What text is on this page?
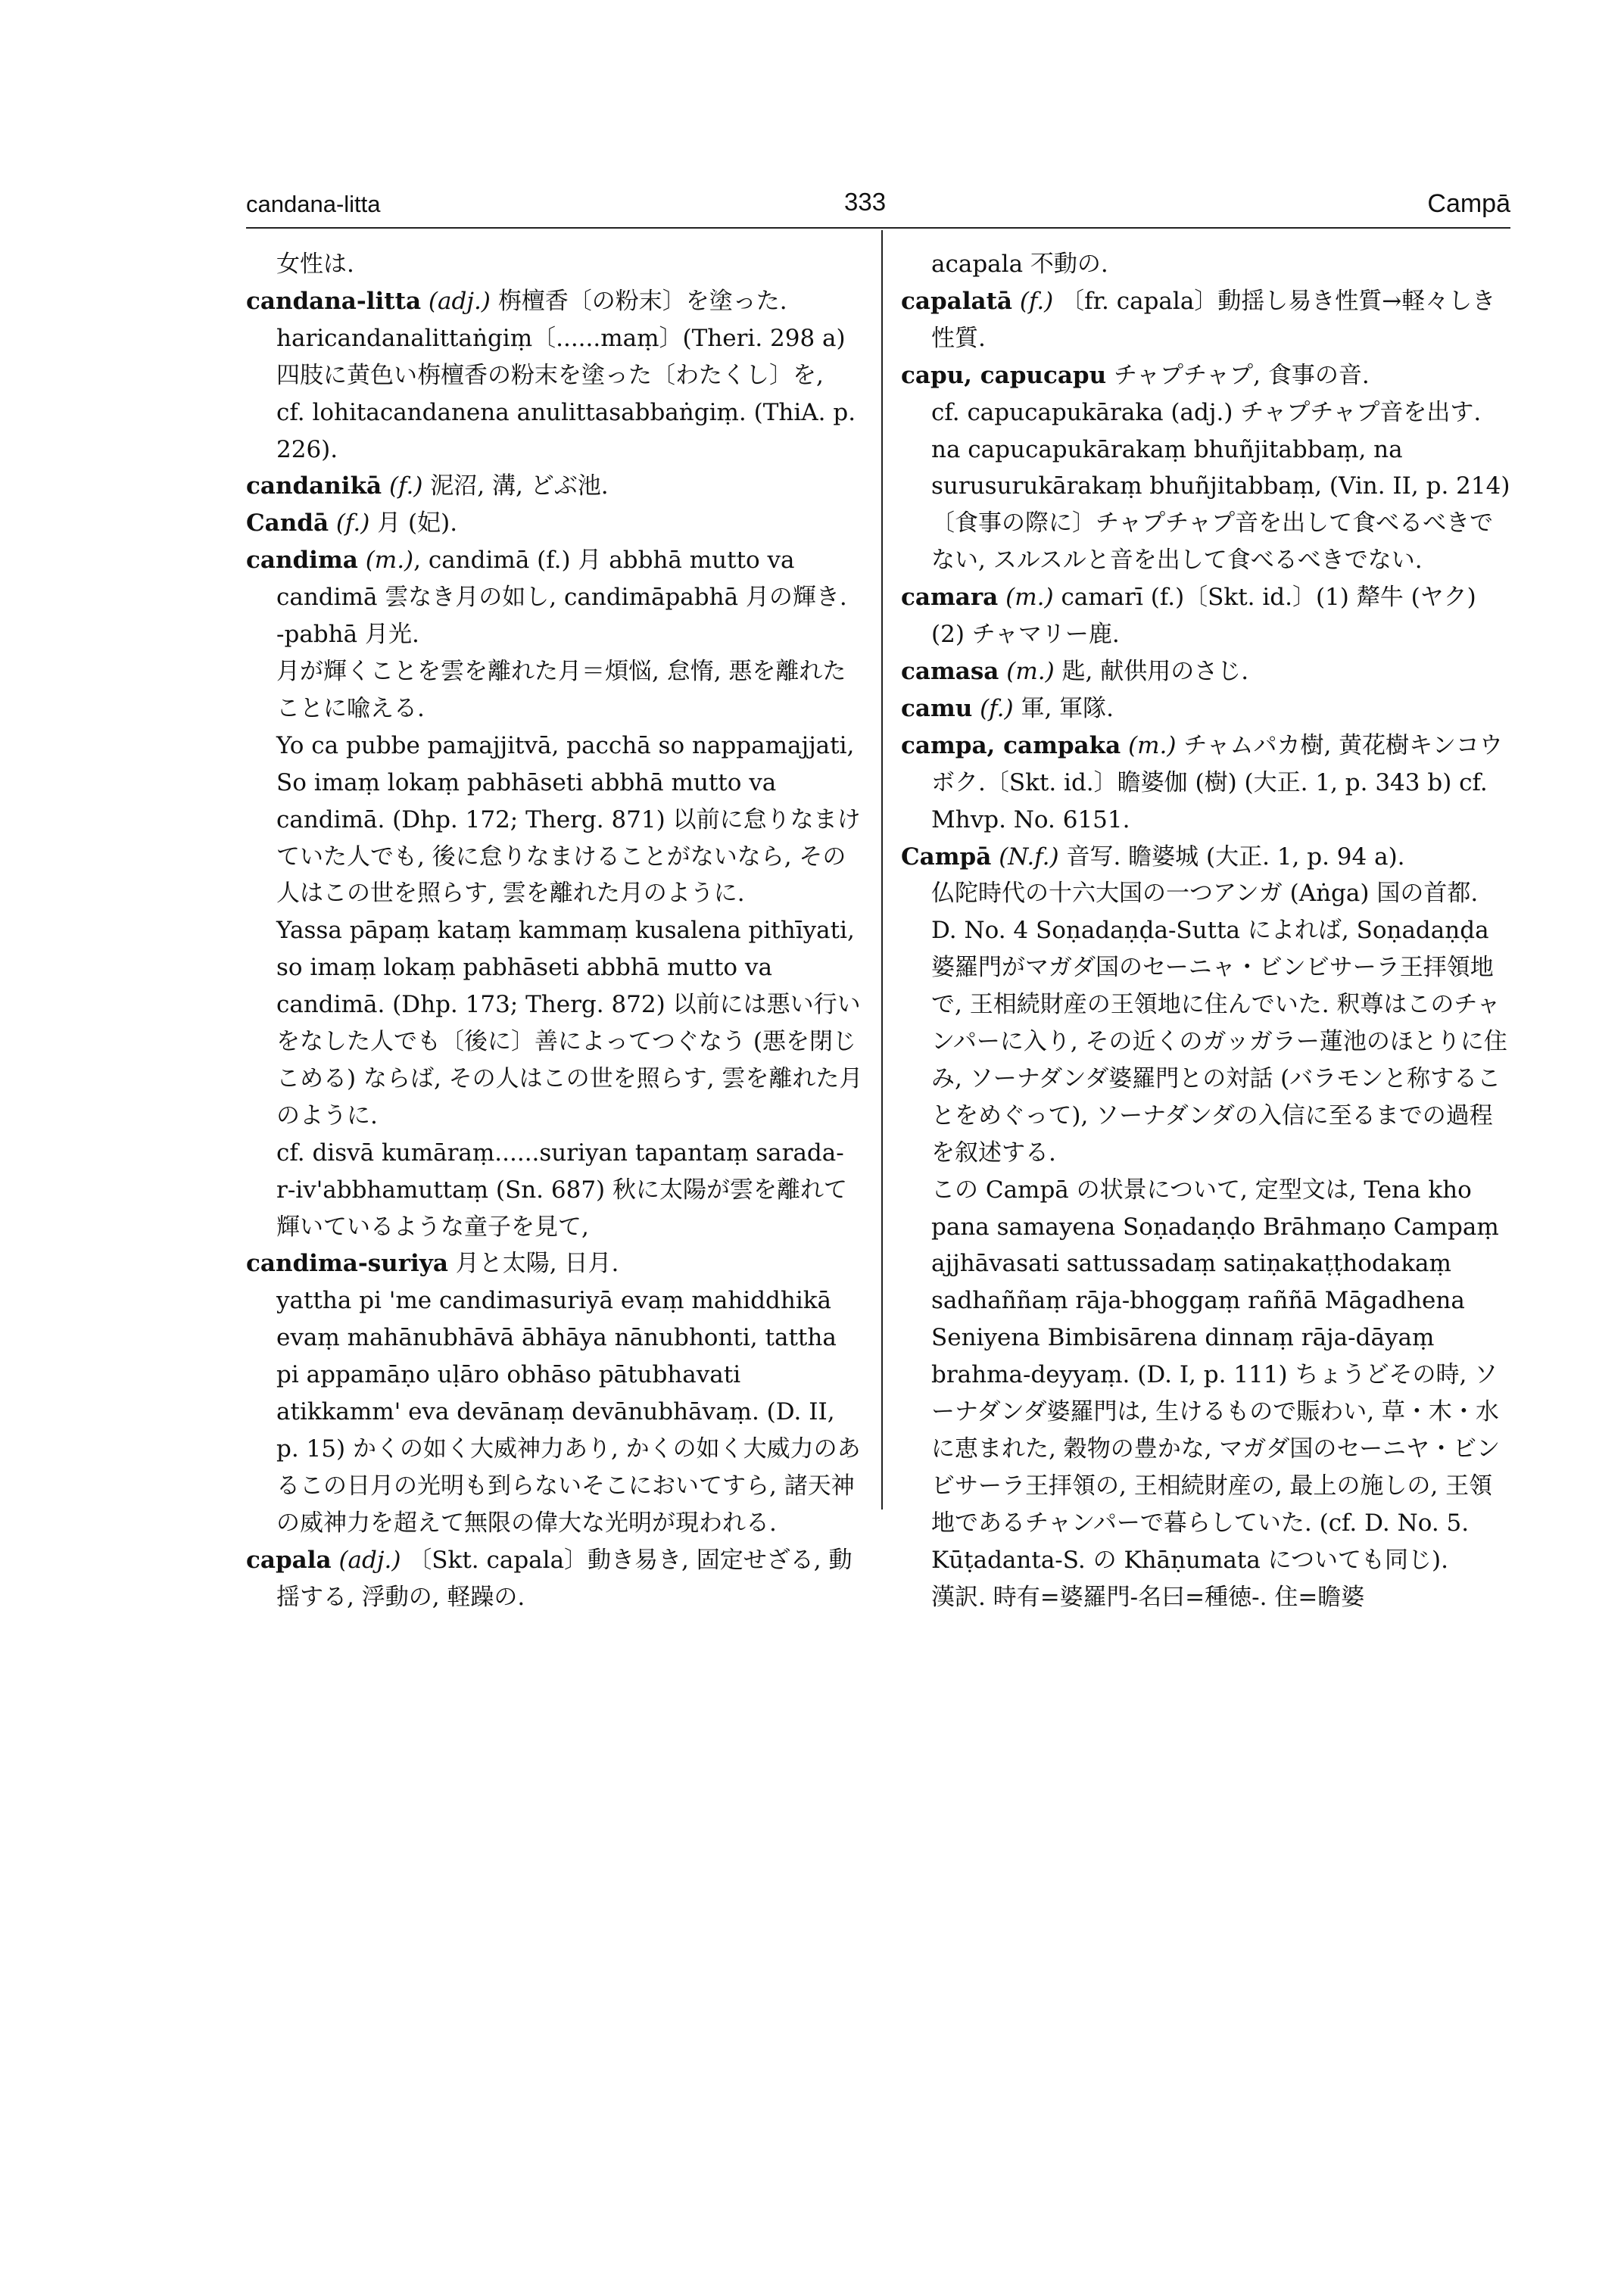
candana-litta	333	Campā
女性は.
candana-litta (adj.) 栴檀香〔の粉末〕を塗った.
haricandanalittaṅgiṃ〔......maṃ〕(Theri. 298 a) 四肢に黄色い栴檀香の粉末を塗った〔わたくし〕を,
cf. lohitacandanena anulittasabbaṅgiṃ. (ThiA. p. 226).
candanikā (f.) 泥沼, 溝, どぶ池.
Candā (f.) 月 (妃).
candima (m.), candimā (f.) 月 abbhā mutto va candimā 雲なき月の如し, candimāpabhā 月の輝き.
-pabhā 月光.
月が輝くことを雲を離れた月＝煩悩, 怠惰, 悪を離れたことに喩える.
Yo ca pubbe pamajjitvā, pacchā so nappamajjati, So imaṃ lokaṃ pabhāseti abbhā mutto va candimā. (Dhp. 172; Therg. 871) 以前に怠りなまけていた人でも, 後に怠りなまけることがないなら, その人はこの世を照らす, 雲を離れた月のように.
Yassa pāpaṃ kataṃ kammaṃ kusalena pithīyati, so imaṃ lokaṃ pabhāseti abbhā mutto va candimā. (Dhp. 173; Therg. 872) 以前には悪い行いをなした人でも〔後に〕善によってつぐなう (悪を閉じこめる) ならば, その人はこの世を照らす, 雲を離れた月のように.
cf. disvā kumāraṃ......suriyan tapantaṃ sarada-r-iv'abbhamuttaṃ (Sn. 687) 秋に太陽が雲を離れて輝いているような童子を見て,
candima-suriya 月と太陽, 日月.
yattha pi 'me candimasuriyā evaṃ mahiddhikā evaṃ mahānubhāvā ābhāya nānubhonti, tattha pi appamāṇo uḷāro obhāso pātubhavati atikkamm' eva devānaṃ devānubhāvaṃ. (D. II, p. 15) かくの如く大威神力あり, かくの如く大威力のあるこの日月の光明も到らないそこにおいてすら, 諸天神の威神力を超えて無限の偉大な光明が現われる.
capala (adj.) 〔Skt. capala〕動き易き, 固定せざる, 動揺する, 浮動の, 軽躁の.
acapala 不動の.
capalatā (f.) 〔fr. capala〕動揺し易き性質→軽々しき性質.
capu, capucapu チャプチャプ, 食事の音.
cf. capucapukāraka (adj.) チャプチャプ音を出す.
na capucapukārakaṃ bhuñjitabbaṃ, na surusurukārakaṃ bhuñjitabbaṃ, (Vin. II, p. 214)〔食事の際に〕チャプチャプ音を出して食べるべきでない, スルスルと音を出して食べるべきでない.
camara (m.) camarī (f.)〔Skt. id.〕(1) 犛牛 (ヤク) (2) チャマリー鹿.
camasa (m.) 匙, 献供用のさじ.
camu (f.) 軍, 軍隊.
campa, campaka (m.) チャムパカ樹, 黄花樹キンコウボク.〔Skt. id.〕瞻婆伽 (樹) (大正. 1, p. 343 b) cf. Mhvp. No. 6151.
Campā (N.f.) 音写. 瞻婆城 (大正. 1, p. 94 a).
仏陀時代の十六大国の一つアンガ (Aṅga) 国の首都. D. No. 4 Soṇadaṇḍa-Sutta によれば, Soṇadaṇḍa 婆羅門がマガダ国のセーニャ・ビンビサーラ王拝領地で, 王相続財産の王領地に住んでいた. 釈尊はこのチャンパーに入り, その近くのガッガラー蓮池のほとりに住み, ソーナダンダ婆羅門との対話 (バラモンと称することをめぐって), ソーナダンダの入信に至るまでの過程を叙述する.
この Campā の状景について, 定型文は, Tena kho pana samayena Soṇadaṇḍo Brāhmaṇo Campaṃ ajjhāvasati sattussadaṃ satiṇakaṭṭhodakaṃ sadhaññaṃ rāja-bhoggaṃ raññā Māgadhena Seniyena Bimbisārena dinnaṃ rāja-dāyaṃ brahma-deyyaṃ. (D. I, p. 111) ちょうどその時, ソーナダンダ婆羅門は, 生けるもので賑わい, 草・木・水に恵まれた, 穀物の豊かな, マガダ国のセーニヤ・ビンビサーラ王拝領の, 王相続財産の, 最上の施しの, 王領地であるチャンパーで暮らしていた. (cf. D. No. 5. Kūṭadanta-S. の Khāṇumata についても同じ).
漢訳. 時有=婆羅門-名曰=種徳-. 住=瞻婆
